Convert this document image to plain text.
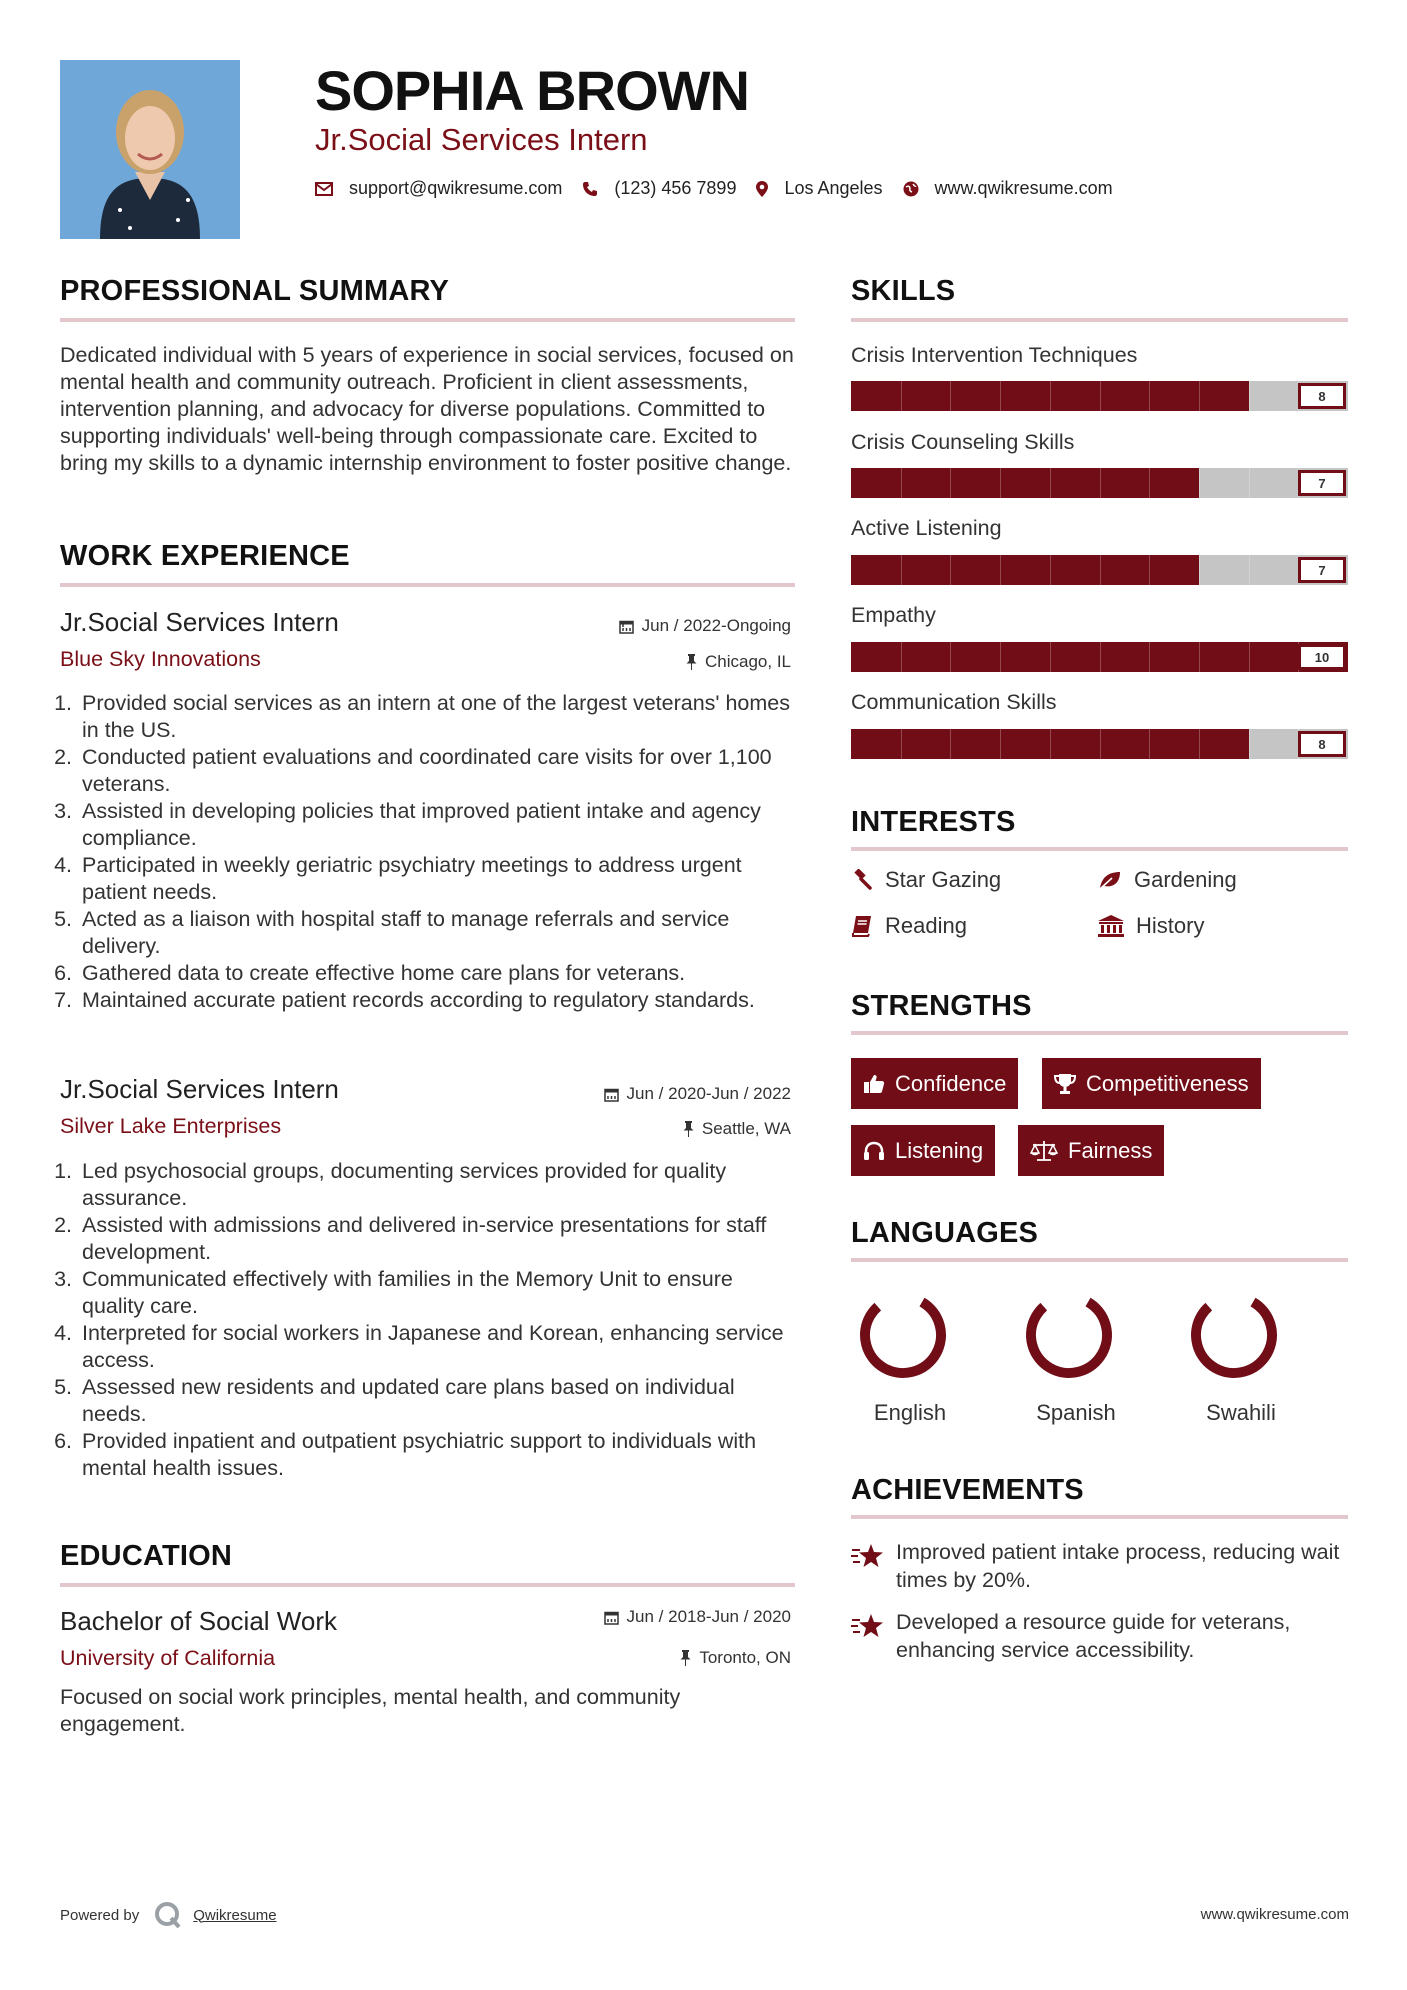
SOPHIA BROWN
Jr.Social Services Intern
support@qwikresume.com	(123) 456 7899	Los Angeles	www.qwikresume.com
PROFESSIONAL SUMMARY
Dedicated individual with 5 years of experience in social services, focused on mental health and community outreach. Proficient in client assessments, intervention planning, and advocacy for diverse populations. Committed to supporting individuals' well-being through compassionate care. Excited to bring my skills to a dynamic internship environment to foster positive change.
WORK EXPERIENCE
Jr.Social Services Intern	Jun / 2022-Ongoing
Blue Sky Innovations	Chicago, IL
1. Provided social services as an intern at one of the largest veterans' homes in the US.
2. Conducted patient evaluations and coordinated care visits for over 1,100 veterans.
3. Assisted in developing policies that improved patient intake and agency compliance.
4. Participated in weekly geriatric psychiatry meetings to address urgent patient needs.
5. Acted as a liaison with hospital staff to manage referrals and service delivery.
6. Gathered data to create effective home care plans for veterans.
7. Maintained accurate patient records according to regulatory standards.
Jr.Social Services Intern	Jun / 2020-Jun / 2022
Silver Lake Enterprises	Seattle, WA
1. Led psychosocial groups, documenting services provided for quality assurance.
2. Assisted with admissions and delivered in-service presentations for staff development.
3. Communicated effectively with families in the Memory Unit to ensure quality care.
4. Interpreted for social workers in Japanese and Korean, enhancing service access.
5. Assessed new residents and updated care plans based on individual needs.
6. Provided inpatient and outpatient psychiatric support to individuals with mental health issues.
EDUCATION
Bachelor of Social Work	Jun / 2018-Jun / 2020
University of California	Toronto, ON
Focused on social work principles, mental health, and community engagement.
SKILLS
Crisis Intervention Techniques
8
Crisis Counseling Skills
7
Active Listening
7
Empathy
10
Communication Skills
8
INTERESTS
Star Gazing	Gardening
Reading	History
STRENGTHS
Confidence	Competitiveness
Listening	Fairness
LANGUAGES
English	Spanish	Swahili
ACHIEVEMENTS
Improved patient intake process, reducing wait times by 20%.
Developed a resource guide for veterans, enhancing service accessibility.
Powered by	Qwikresume	www.qwikresume.com
